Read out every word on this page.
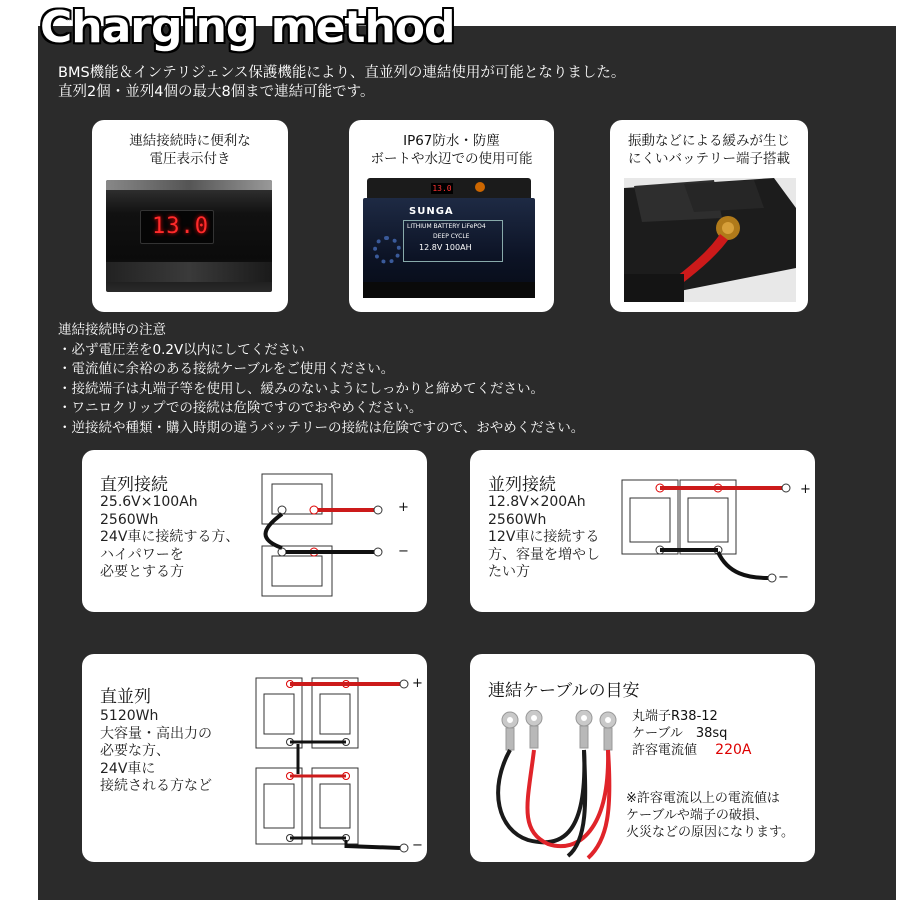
Charging method
BMS機能＆インテリジェンス保護機能により、直並列の連結使用が可能となりました。
直列2個・並列4個の最大8個まで連結可能です。
連結接続時に便利な
電圧表示付き
13.0
IP67防水・防塵
ボートや水辺での使用可能
13.0
SUNGA
LITHIUM BATTERY LiFePO4
DEEP CYCLE
12.8V 100AH
振動などによる緩みが生じ
にくいバッテリー端子搭載
連結接続時の注意
・必ず電圧差を0.2V以内にしてください
・電流値に余裕のある接続ケーブルをご使用ください。
・接続端子は丸端子等を使用し、緩みのないようにしっかりと締めてください。
・ワニロクリップでの接続は危険ですのでおやめください。
・逆接続や種類・購入時期の違うバッテリーの接続は危険ですので、おやめください。
直列接続
25.6V×100Ah
2560Wh
24V車に接続する方、
ハイパワーを
必要とする方
+
−
並列接続
12.8V×200Ah
2560Wh
12V車に接続する
方、容量を増やし
たい方
+
−
直並列
5120Wh
大容量・高出力の
必要な方、
24V車に
接続される方など
+
−
連結ケーブルの目安
丸端子R38-12
ケーブル　38sq
許容電流値 220A
※許容電流以上の電流値は
ケーブルや端子の破損、
火災などの原因になります。
